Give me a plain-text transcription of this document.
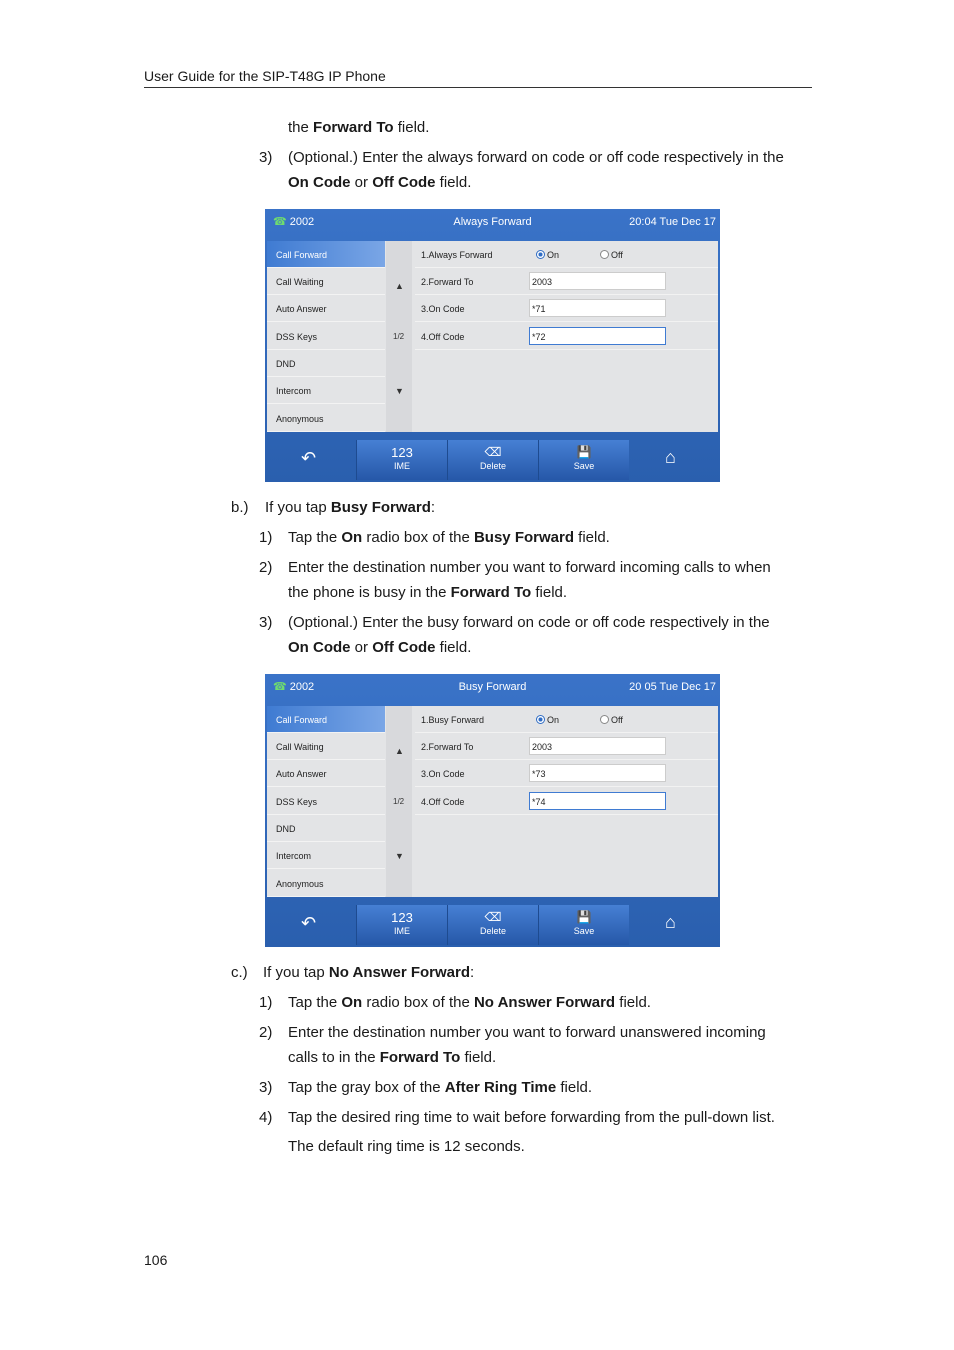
User Guide for the SIP-T48G IP Phone
the Forward To field.
3) (Optional.) Enter the always forward on code or off code respectively in the
On Code or Off Code field.
☎ 2002	Always Forward	20:04 Tue Dec 17
Call Forward
Call Waiting
Auto Answer
DSS Keys
DND
Intercom
Anonymous
▲
1/2
▼
1.Always Forward	On	Off
2.Forward To	2003
3.On Code	*71
4.Off Code	*72
↶	123
IME
⌫
Delete
💾
Save	⌂
b.) If you tap Busy Forward:
1) Tap the On radio box of the Busy Forward field.
2) Enter the destination number you want to forward incoming calls to when
the phone is busy in the Forward To field.
3) (Optional.) Enter the busy forward on code or off code respectively in the
On Code or Off Code field.
☎ 2002	Busy Forward	20 05 Tue Dec 17
Call Forward
Call Waiting
Auto Answer
DSS Keys
DND
Intercom
Anonymous
▲
1/2
▼
1.Busy Forward	On	Off
2.Forward To	2003
3.On Code	*73
4.Off Code	*74
↶	123
IME
⌫
Delete
💾
Save	⌂
c.) If you tap No Answer Forward:
1) Tap the On radio box of the No Answer Forward field.
2) Enter the destination number you want to forward unanswered incoming
calls to in the Forward To field.
3) Tap the gray box of the After Ring Time field.
4) Tap the desired ring time to wait before forwarding from the pull-down list.
The default ring time is 12 seconds.
106
